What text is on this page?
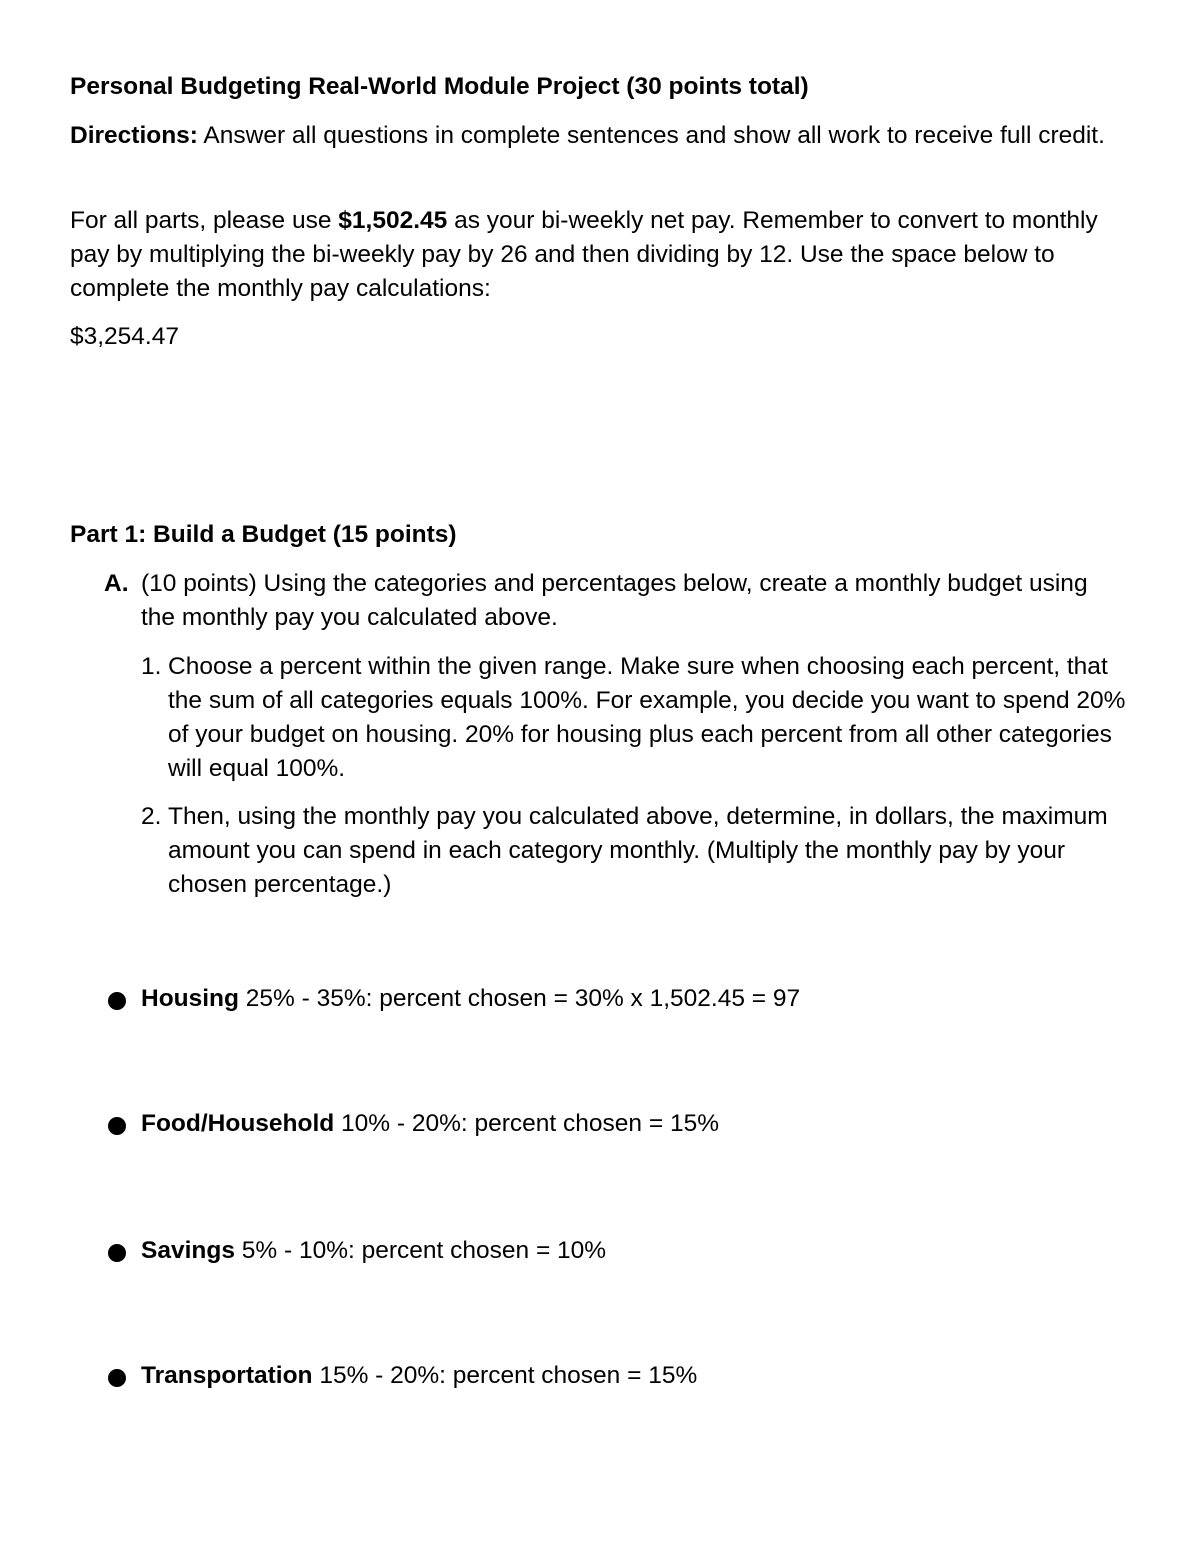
Personal Budgeting Real-World Module Project (30 points total)

Directions: Answer all questions in complete sentences and show all work to receive full credit.

For all parts, please use $1,502.45 as your bi-weekly net pay. Remember to convert to monthly pay by multiplying the bi-weekly pay by 26 and then dividing by 12. Use the space below to complete the monthly pay calculations:

$3,254.47

Part 1: Build a Budget (15 points)

A. (10 points) Using the categories and percentages below, create a monthly budget using the monthly pay you calculated above.
1. Choose a percent within the given range. Make sure when choosing each percent, that the sum of all categories equals 100%. For example, you decide you want to spend 20% of your budget on housing. 20% for housing plus each percent from all other categories will equal 100%.
2. Then, using the monthly pay you calculated above, determine, in dollars, the maximum amount you can spend in each category monthly. (Multiply the monthly pay by your chosen percentage.)
Housing 25% - 35%: percent chosen = 30% x 1,502.45 = 97
Food/Household 10% - 20%: percent chosen = 15%
Savings 5% - 10%: percent chosen = 10%
Transportation 15% - 20%: percent chosen = 15%
